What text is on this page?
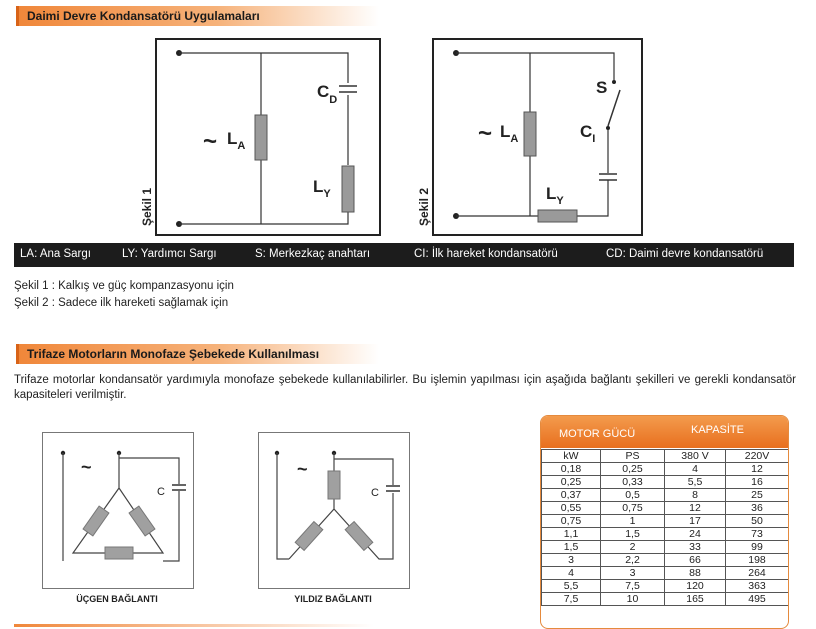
Daimi Devre Kondansatörü Uygulamaları
~ $L_A$
$C_D$
$L_Y$
Şekil 1
~ $L_A$
S
$C_I$
$L_Y$
Şekil 2
LA: Ana Sargı	LY: Yardımcı Sargı	S: Merkezkaç anahtarı	CI: İlk hareket kondansatörü	CD: Daimi devre kondansatörü
Şekil 1 : Kalkış ve güç kompanzasyonu için
Şekil 2 : Sadece ilk hareketi sağlamak için
Trifaze Motorların Monofaze Şebekede Kullanılması
Trifaze motorlar kondansatör yardımıyla monofaze şebekede kullanılabilirler. Bu işlemin yapılması için aşağıda bağlantı şekilleri ve gerekli kondansatör kapasiteleri verilmiştir.
~
C
ÜÇGEN BAĞLANTI
~
C
YILDIZ BAĞLANTI
MOTOR GÜCÜ	KAPASİTE
kW	PS	380 V	220V
0,18	0,25	4	12
0,25	0,33	5,5	16
0,37	0,5	8	25
0,55	0,75	12	36
0,75	1	17	50
1,1	1,5	24	73
1,5	2	33	99
3	2,2	66	198
4	3	88	264
5,5	7,5	120	363
7,5	10	165	495
